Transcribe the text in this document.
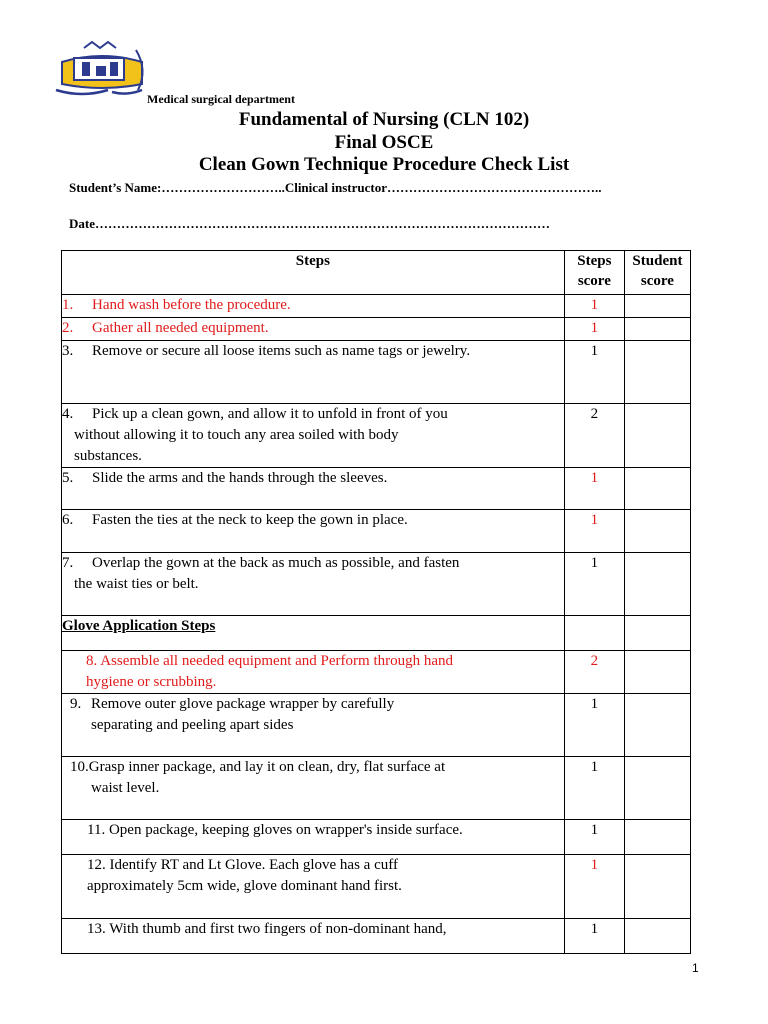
Medical surgical department
Fundamental of Nursing (CLN 102)
Final OSCE
Clean Gown Technique Procedure Check List
Student’s Name:………………………..Clinical instructor…………………………………………..
Date……………………………………………………………………………………………
Steps	Steps score	Student score
1. Hand wash before the procedure.	1	
2. Gather all needed equipment.	1	
3. Remove or secure all loose items such as name tags or jewelry.	1	

4. Pick up a clean gown, and allow it to unfold in front of you
without allowing it to touch any area soiled with body
substances.	2	
5. Slide the arms and the hands through the sleeves.	1	
6. Fasten the ties at the neck to keep the gown in place.	1	

7. Overlap the gown at the back as much as possible, and fasten
the waist ties or belt.	1	
Glove Application Steps		

8. Assemble all needed equipment and Perform through hand
hygiene or scrubbing.	2	

9. Remove outer glove package wrapper by carefully
separating and peeling apart sides	1	

10.Grasp inner package, and lay it on clean, dry, flat surface at
waist level.	1	
11. Open package, keeping gloves on wrapper's inside surface.	1	

12. Identify RT and Lt Glove. Each glove has a cuff
approximately 5cm wide, glove dominant hand first.	1	
13. With thumb and first two fingers of non-dominant hand,	1	
1
